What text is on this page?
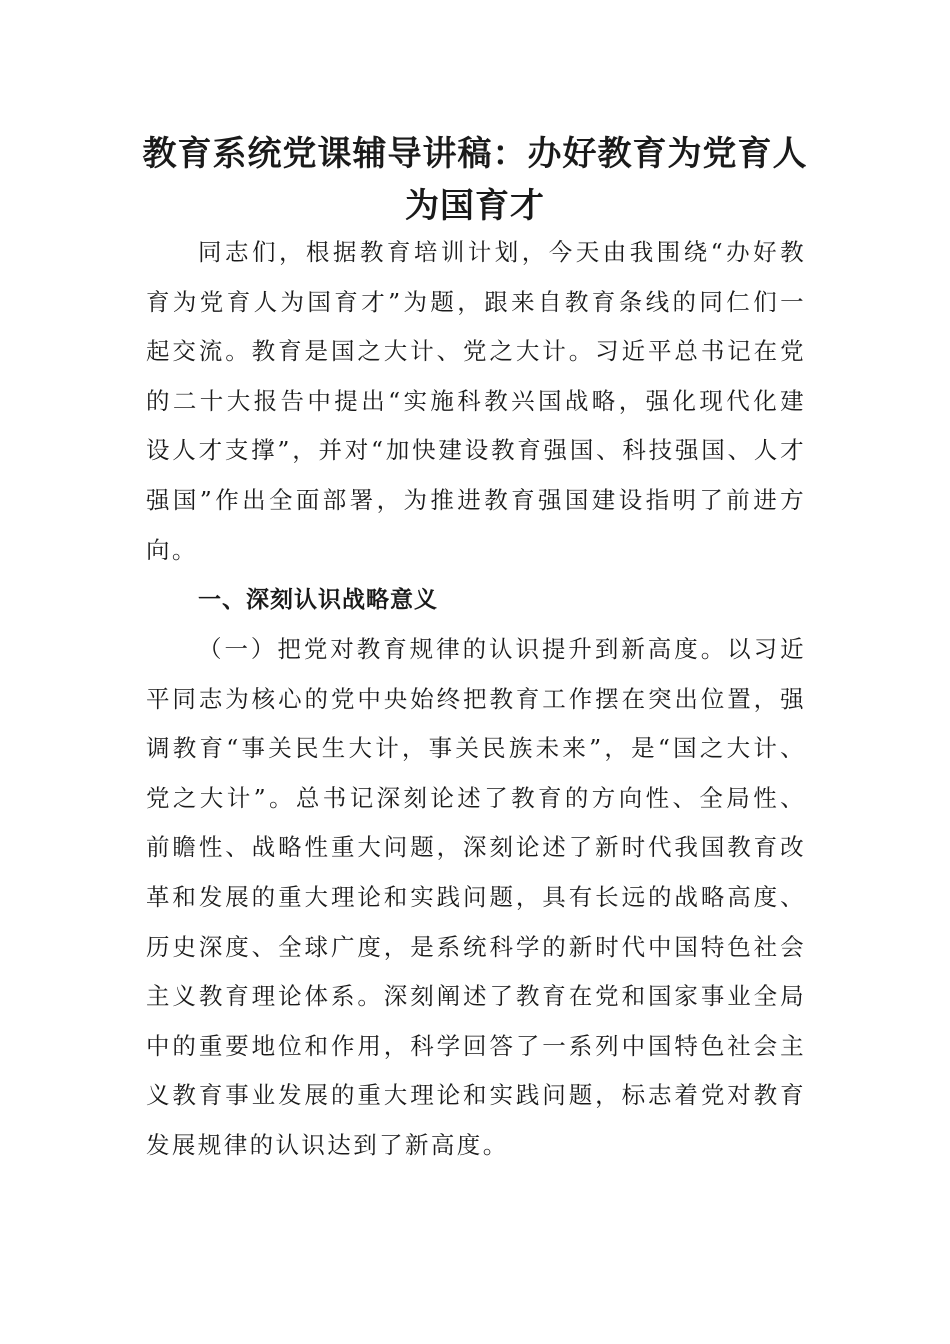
教育系统党课辅导讲稿：办好教育为党育人为国育才

同志们，根据教育培训计划，今天由我围绕“办好教育为党育人为国育才”为题，跟来自教育条线的同仁们一起交流。教育是国之大计、党之大计。习近平总书记在党的二十大报告中提出“实施科教兴国战略，强化现代化建设人才支撑”，并对“加快建设教育强国、科技强国、人才强国”作出全面部署，为推进教育强国建设指明了前进方向。

一、深刻认识战略意义

（一）把党对教育规律的认识提升到新高度。以习近平同志为核心的党中央始终把教育工作摆在突出位置，强调教育“事关民生大计，事关民族未来”，是“国之大计、党之大计”。总书记深刻论述了教育的方向性、全局性、前瞻性、战略性重大问题，深刻论述了新时代我国教育改革和发展的重大理论和实践问题，具有长远的战略高度、历史深度、全球广度，是系统科学的新时代中国特色社会主义教育理论体系。深刻阐述了教育在党和国家事业全局中的重要地位和作用，科学回答了一系列中国特色社会主义教育事业发展的重大理论和实践问题，标志着党对教育发展规律的认识达到了新高度。
